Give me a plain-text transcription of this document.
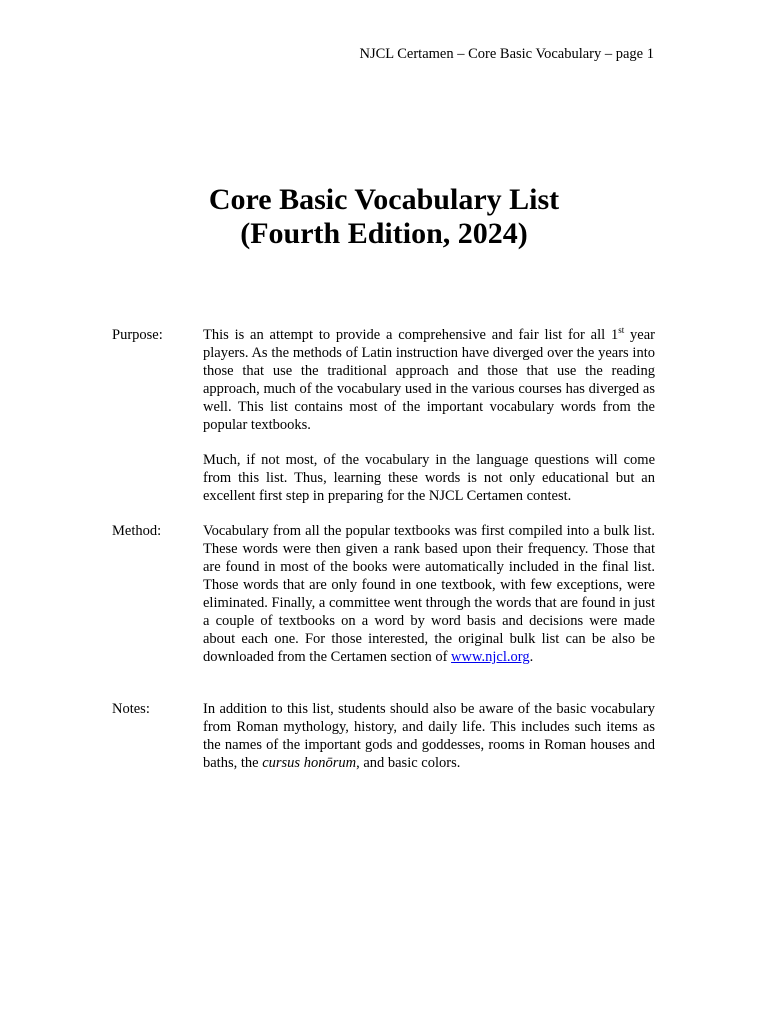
NJCL Certamen – Core Basic Vocabulary – page 1
Core Basic Vocabulary List
(Fourth Edition, 2024)
Purpose:	This is an attempt to provide a comprehensive and fair list for all 1st year players. As the methods of Latin instruction have diverged over the years into those that use the traditional approach and those that use the reading approach, much of the vocabulary used in the various courses has diverged as well. This list contains most of the important vocabulary words from the popular textbooks.

Much, if not most, of the vocabulary in the language questions will come from this list. Thus, learning these words is not only educational but an excellent first step in preparing for the NJCL Certamen contest.

Method:	Vocabulary from all the popular textbooks was first compiled into a bulk list. These words were then given a rank based upon their frequency. Those that are found in most of the books were automatically included in the final list. Those words that are only found in one textbook, with few exceptions, were eliminated. Finally, a committee went through the words that are found in just a couple of textbooks on a word by word basis and decisions were made about each one. For those interested, the original bulk list can be also be downloaded from the Certamen section of www.njcl.org.

Notes:	In addition to this list, students should also be aware of the basic vocabulary from Roman mythology, history, and daily life. This includes such items as the names of the important gods and goddesses, rooms in Roman houses and baths, the cursus honōrum, and basic colors.
